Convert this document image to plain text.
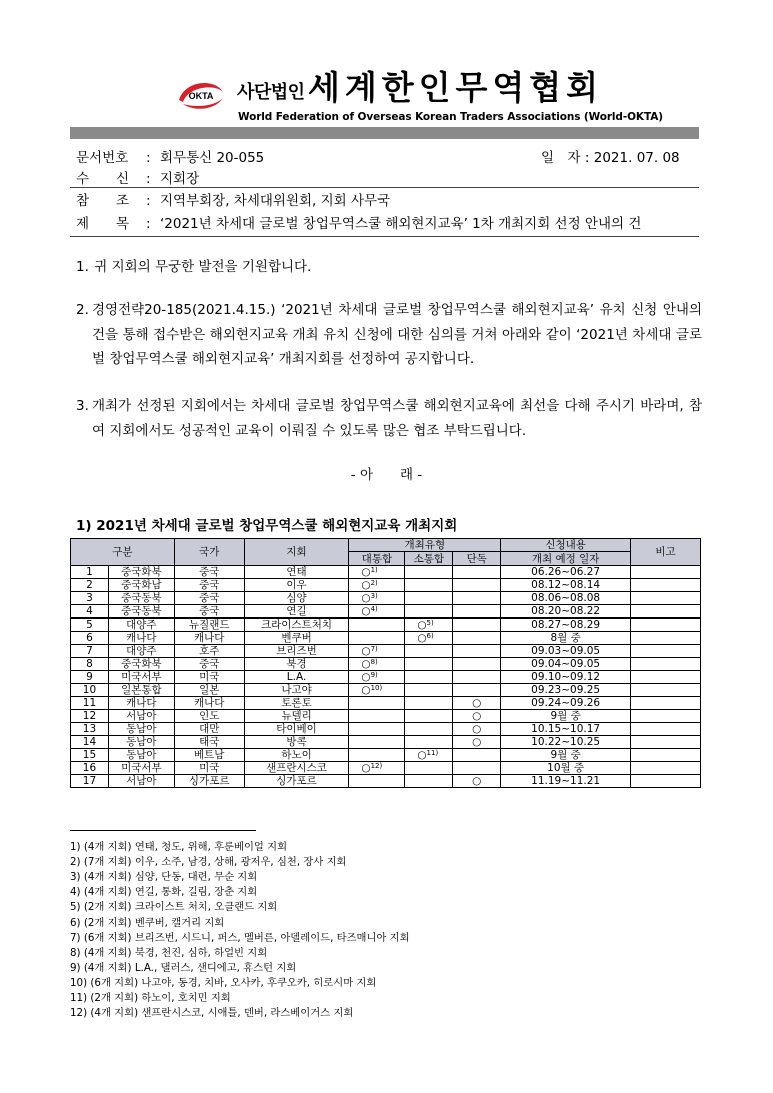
OKTA 사단법인 세계한인무역협회
World Federation of Overseas Korean Traders Associations (World-OKTA)
문서번호 : 회무통신 20-055	일　자 : 2021. 07. 08
수　　신 : 지회장
참　　조 : 지역부회장, 차세대위원회, 지회 사무국
제　　목 : ‘2021년 차세대 글로벌 창업무역스쿨 해외현지교육’ 1차 개최지회 선정 안내의 건
1. 귀 지회의 무궁한 발전을 기원합니다.
2. 경영전략20-185(2021.4.15.) ‘2021년 차세대 글로벌 창업무역스쿨 해외현지교육’ 유치 신청 안내의 건을 통해 접수받은 해외현지교육 개최 유치 신청에 대한 심의를 거쳐 아래와 같이 ‘2021년 차세대 글로벌 창업무역스쿨 해외현지교육’ 개최지회를 선정하여 공지합니다.
3. 개최가 선정된 지회에서는 차세대 글로벌 창업무역스쿨 해외현지교육에 최선을 다해 주시기 바라며, 참여 지회에서도 성공적인 교육이 이뤄질 수 있도록 많은 협조 부탁드립니다.
- 아　　래 -
1) 2021년 차세대 글로벌 창업무역스쿨 해외현지교육 개최지회
구분		국가	지회	개최유형			신청내용	비고
				대통합	소통합	단독	개최 예정 일자	
1	중국화북	중국	연태	○$^{1)}$			06.26~06.27	
2	중국화남	중국	이우	○$^{2)}$			08.12~08.14	
3	중국동북	중국	심양	○$^{3)}$			08.06~08.08	
4	중국동북	중국	연길	○$^{4)}$			08.20~08.22	
5	대양주	뉴질랜드	크라이스트처치		○$^{5)}$		08.27~08.29	
6	캐나다	캐나다	벤쿠버		○$^{6)}$		8월 중	
7	대양주	호주	브리즈번	○$^{7)}$			09.03~09.05	
8	중국화북	중국	북경	○$^{8)}$			09.04~09.05	
9	미국서부	미국	L.A.	○$^{9)}$			09.10~09.12	
10	일본통합	일본	나고야	○$^{10)}$			09.23~09.25	
11	캐나다	캐나다	토론토			○	09.24~09.26	
12	서남아	인도	뉴델리			○	9월 중	
13	동남아	대만	타이베이			○	10.15~10.17	
14	동남아	태국	방콕			○	10.22~10.25	
15	동남아	베트남	하노이		○$^{11)}$		9월 중	
16	미국서부	미국	샌프란시스코	○$^{12)}$			10월 중	
17	서남아	싱가포르	싱가포르			○	11.19~11.21	
1) (4개 지회) 연태, 청도, 위해, 후룬베이얼 지회
2) (7개 지회) 이우, 소주, 남경, 상해, 광저우, 심천, 장사 지회
3) (4개 지회) 심양, 단동, 대련, 무순 지회
4) (4개 지회) 연길, 통화, 길림, 장춘 지회
5) (2개 지회) 크라이스트 처치, 오클랜드 지회
6) (2개 지회) 벤쿠버, 캘거리 지회
7) (6개 지회) 브리즈번, 시드니, 퍼스, 멜버른, 아델레이드, 타즈매니아 지회
8) (4개 지회) 북경, 천진, 심하, 하얼빈 지회
9) (4개 지회) L.A., 댈러스, 샌디에고, 휴스턴 지회
10) (6개 지회) 나고야, 동경, 치바, 오사카, 후쿠오카, 히로시마 지회
11) (2개 지회) 하노이, 호치민 지회
12) (4개 지회) 샌프란시스코, 시애틀, 덴버, 라스베이거스 지회
